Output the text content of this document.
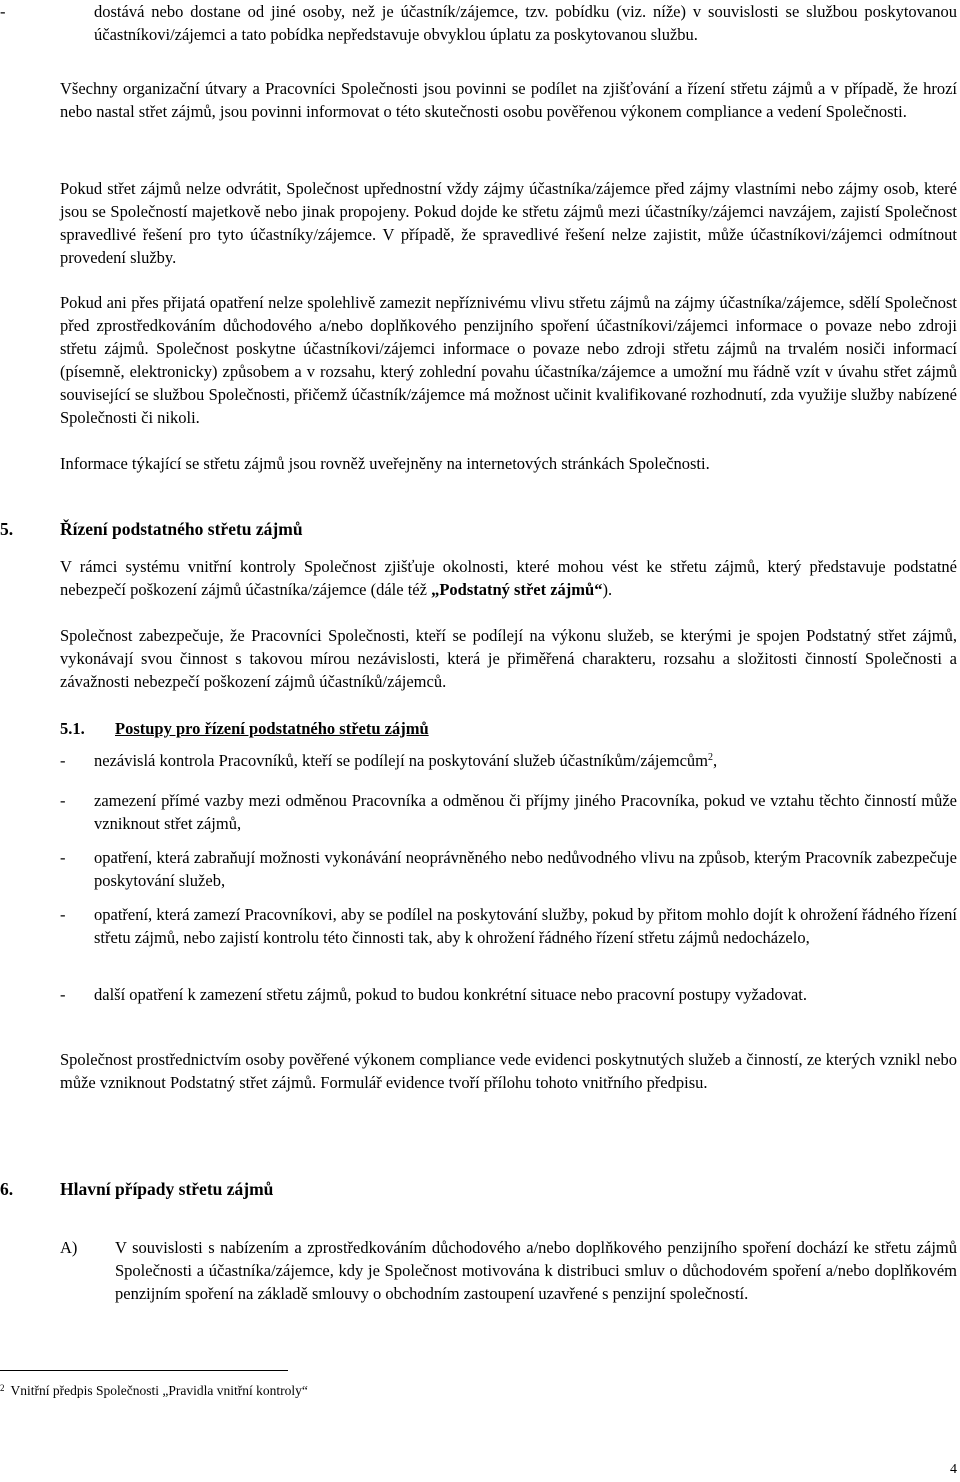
-	dostává nebo dostane od jiné osoby, než je účastník/zájemce, tzv. pobídku (viz. níže) v souvislosti se službou poskytovanou účastníkovi/zájemci a tato pobídka nepředstavuje obvyklou úplatu za poskytovanou službu.

Všechny organizační útvary a Pracovníci Společnosti jsou povinni se podílet na zjišťování a řízení střetu zájmů a v případě, že hrozí nebo nastal střet zájmů, jsou povinni informovat o této skutečnosti osobu pověřenou výkonem compliance a vedení Společnosti.

Pokud střet zájmů nelze odvrátit, Společnost upřednostní vždy zájmy účastníka/zájemce před zájmy vlastními nebo zájmy osob, které jsou se Společností majetkově nebo jinak propojeny. Pokud dojde ke střetu zájmů mezi účastníky/zájemci navzájem, zajistí Společnost spravedlivé řešení pro tyto účastníky/zájemce. V případě, že spravedlivé řešení nelze zajistit, může účastníkovi/zájemci odmítnout provedení služby.

Pokud ani přes přijatá opatření nelze spolehlivě zamezit nepříznivému vlivu střetu zájmů na zájmy účastníka/zájemce, sdělí Společnost před zprostředkováním důchodového a/nebo doplňkového penzijního spoření účastníkovi/zájemci informace o povaze nebo zdroji střetu zájmů. Společnost poskytne účastníkovi/zájemci informace o povaze nebo zdroji střetu zájmů na trvalém nosiči informací (písemně, elektronicky) způsobem a v rozsahu, který zohlední povahu účastníka/zájemce a umožní mu řádně vzít v úvahu střet zájmů související se službou Společnosti, přičemž účastník/zájemce má možnost učinit kvalifikované rozhodnutí, zda využije služby nabízené Společnosti či nikoli.

Informace týkající se střetu zájmů jsou rovněž uveřejněny na internetových stránkách Společnosti.

5.	Řízení podstatného střetu zájmů

V rámci systému vnitřní kontroly Společnost zjišťuje okolnosti, které mohou vést ke střetu zájmů, který představuje podstatné nebezpečí poškození zájmů účastníka/zájemce (dále též „Podstatný střet zájmů“).

Společnost zabezpečuje, že Pracovníci Společnosti, kteří se podílejí na výkonu služeb, se kterými je spojen Podstatný střet zájmů, vykonávají svou činnost s takovou mírou nezávislosti, která je přiměřená charakteru, rozsahu a složitosti činností Společnosti a závažnosti nebezpečí poškození zájmů účastníků/zájemců.

5.1. Postupy pro řízení podstatného střetu zájmů
-	nezávislá kontrola Pracovníků, kteří se podílejí na poskytování služeb účastníkům/zájemcům$^2$,

-	zamezení přímé vazby mezi odměnou Pracovníka a odměnou či příjmy jiného Pracovníka, pokud ve vztahu těchto činností může vzniknout střet zájmů,

-	opatření, která zabraňují možnosti vykonávání neoprávněného nebo nedůvodného vlivu na způsob, kterým Pracovník zabezpečuje poskytování služeb,

-	opatření, která zamezí Pracovníkovi, aby se podílel na poskytování služby, pokud by přitom mohlo dojít k ohrožení řádného řízení střetu zájmů, nebo zajistí kontrolu této činnosti tak, aby k ohrožení řádného řízení střetu zájmů nedocházelo,

-	další opatření k zamezení střetu zájmů, pokud to budou konkrétní situace nebo pracovní postupy vyžadovat.

Společnost prostřednictvím osoby pověřené výkonem compliance vede evidenci poskytnutých služeb a činností, ze kterých vznikl nebo může vzniknout Podstatný střet zájmů. Formulář evidence tvoří přílohu tohoto vnitřního předpisu.

6.	Hlavní případy střetu zájmů
A) V souvislosti s nabízením a zprostředkováním důchodového a/nebo doplňkového penzijního spoření dochází ke střetu zájmů Společnosti a účastníka/zájemce, kdy je Společnost motivována k distribuci smluv o důchodovém spoření a/nebo doplňkovém penzijním spoření na základě smlouvy o obchodním zastoupení uzavřené s penzijní společností.

$^2$ Vnitřní předpis Společnosti „Pravidla vnitřní kontroly“
4
